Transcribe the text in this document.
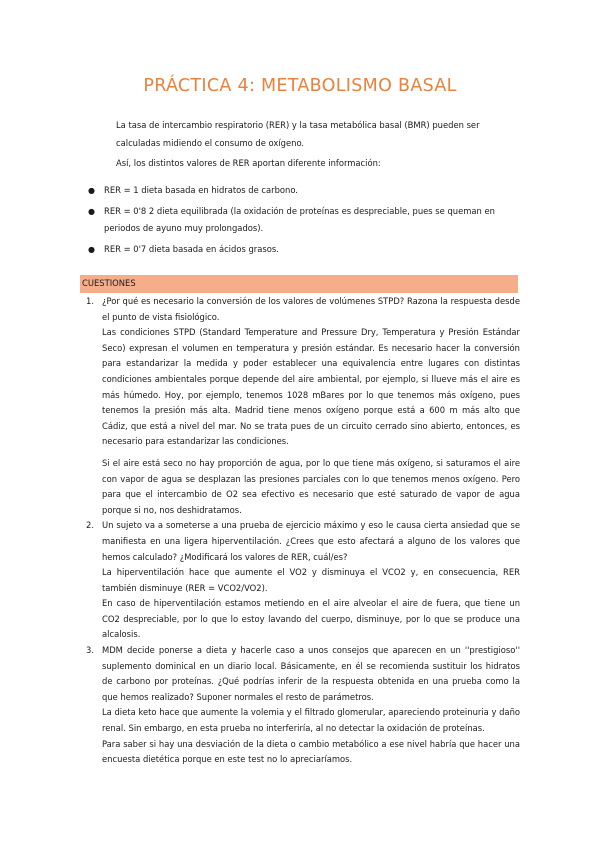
PRÁCTICA 4: METABOLISMO BASAL
La tasa de intercambio respiratorio (RER) y la tasa metabólica basal (BMR) pueden ser calculadas midiendo el consumo de oxígeno.
Así, los distintos valores de RER aportan diferente información:
● RER = 1 dieta basada en hidratos de carbono.
● RER = 0'8 2 dieta equilibrada (la oxidación de proteínas es despreciable, pues se queman en periodos de ayuno muy prolongados).
● RER = 0'7 dieta basada en ácidos grasos.
CUESTIONES
1. ¿Por qué es necesario la conversión de los valores de volúmenes STPD? Razona la respuesta desde el punto de vista fisiológico.

Las condiciones STPD (Standard Temperature and Pressure Dry, Temperatura y Presión Estándar Seco) expresan el volumen en temperatura y presión estándar. Es necesario hacer la conversión para estandarizar la medida y poder establecer una equivalencia entre lugares con distintas condiciones ambientales porque depende del aire ambiental, por ejemplo, si llueve más el aire es más húmedo. Hoy, por ejemplo, tenemos 1028 mBares por lo que tenemos más oxígeno, pues tenemos la presión más alta. Madrid tiene menos oxígeno porque está a 600 m más alto que Cádiz, que está a nivel del mar. No se trata pues de un circuito cerrado sino abierto, entonces, es necesario para estandarizar las condiciones.

Si el aire está seco no hay proporción de agua, por lo que tiene más oxígeno, si saturamos el aire con vapor de agua se desplazan las presiones parciales con lo que tenemos menos oxígeno. Pero para que el intercambio de O2 sea efectivo es necesario que esté saturado de vapor de agua porque si no, nos deshidratamos.

2. Un sujeto va a someterse a una prueba de ejercicio máximo y eso le causa cierta ansiedad que se manifiesta en una ligera hiperventilación. ¿Crees que esto afectará a alguno de los valores que hemos calculado? ¿Modificará los valores de RER, cuál/es?

La hiperventilación hace que aumente el VO2 y disminuya el VCO2 y, en consecuencia, RER también disminuye (RER = VCO2/VO2).

En caso de hiperventilación estamos metiendo en el aire alveolar el aire de fuera, que tiene un CO2 despreciable, por lo que lo estoy lavando del cuerpo, disminuye, por lo que se produce una alcalosis.

3. MDM decide ponerse a dieta y hacerle caso a unos consejos que aparecen en un ''prestigioso'' suplemento dominical en un diario local. Básicamente, en él se recomienda sustituir los hidratos de carbono por proteínas. ¿Qué podrías inferir de la respuesta obtenida en una prueba como la que hemos realizado? Suponer normales el resto de parámetros.

La dieta keto hace que aumente la volemia y el filtrado glomerular, apareciendo proteinuria y daño renal. Sin embargo, en esta prueba no interferiría, al no detectar la oxidación de proteínas.

Para saber si hay una desviación de la dieta o cambio metabólico a ese nivel habría que hacer una encuesta dietética porque en este test no lo apreciaríamos.
